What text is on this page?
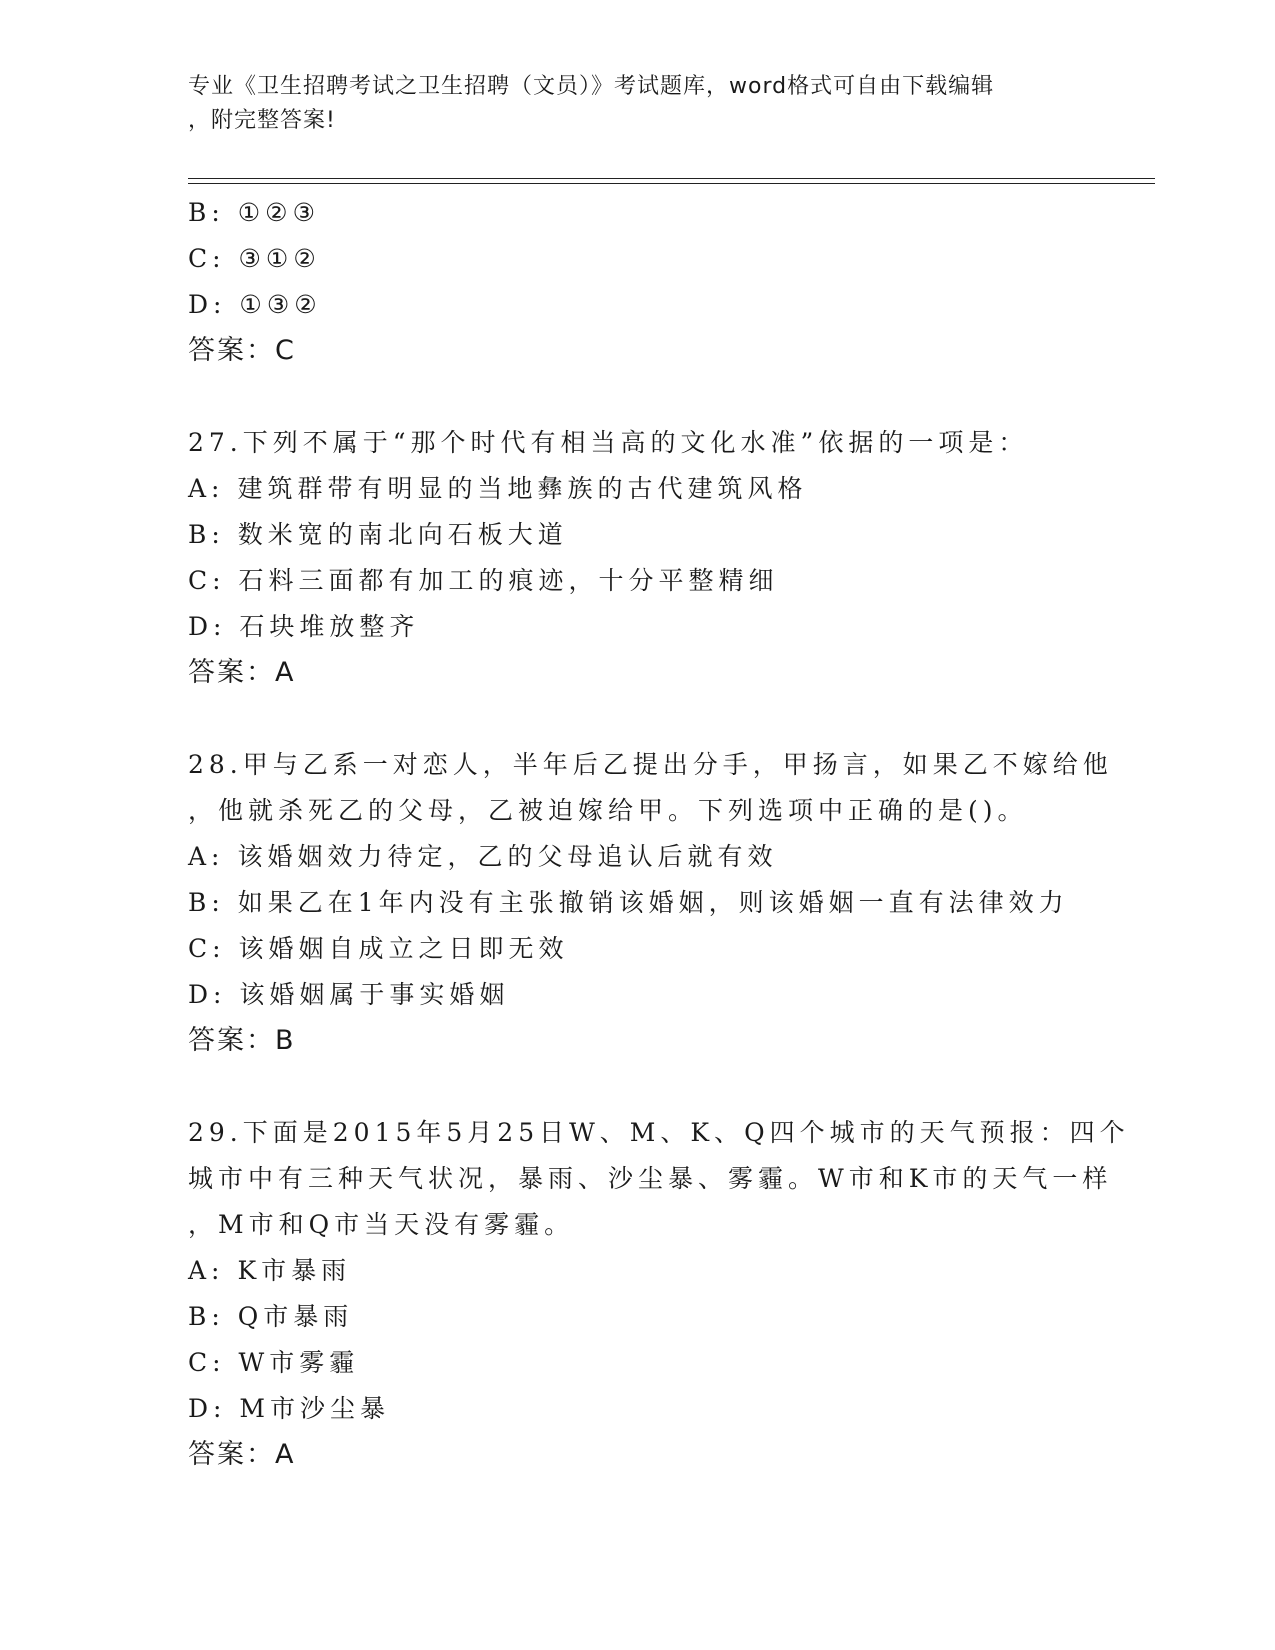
专业《卫生招聘考试之卫生招聘（文员）》考试题库，word格式可自由下载编辑
，附完整答案!

B: ①②③

C: ③①②

D: ①③②

答案：C

27.下列不属于“那个时代有相当高的文化水准”依据的一项是：

A: 建筑群带有明显的当地彝族的古代建筑风格

B: 数米宽的南北向石板大道

C: 石料三面都有加工的痕迹，十分平整精细

D: 石块堆放整齐

答案：A

28.甲与乙系一对恋人，半年后乙提出分手，甲扬言，如果乙不嫁给他

，他就杀死乙的父母，乙被迫嫁给甲。下列选项中正确的是()。

A: 该婚姻效力待定，乙的父母追认后就有效

B: 如果乙在1年内没有主张撤销该婚姻，则该婚姻一直有法律效力

C: 该婚姻自成立之日即无效

D: 该婚姻属于事实婚姻

答案：B

29.下面是2015年5月25日W、M、K、Q四个城市的天气预报：四个

城市中有三种天气状况，暴雨、沙尘暴、雾霾。W市和K市的天气一样

，M市和Q市当天没有雾霾。

A: K市暴雨

B: Q市暴雨

C: W市雾霾

D: M市沙尘暴

答案：A
